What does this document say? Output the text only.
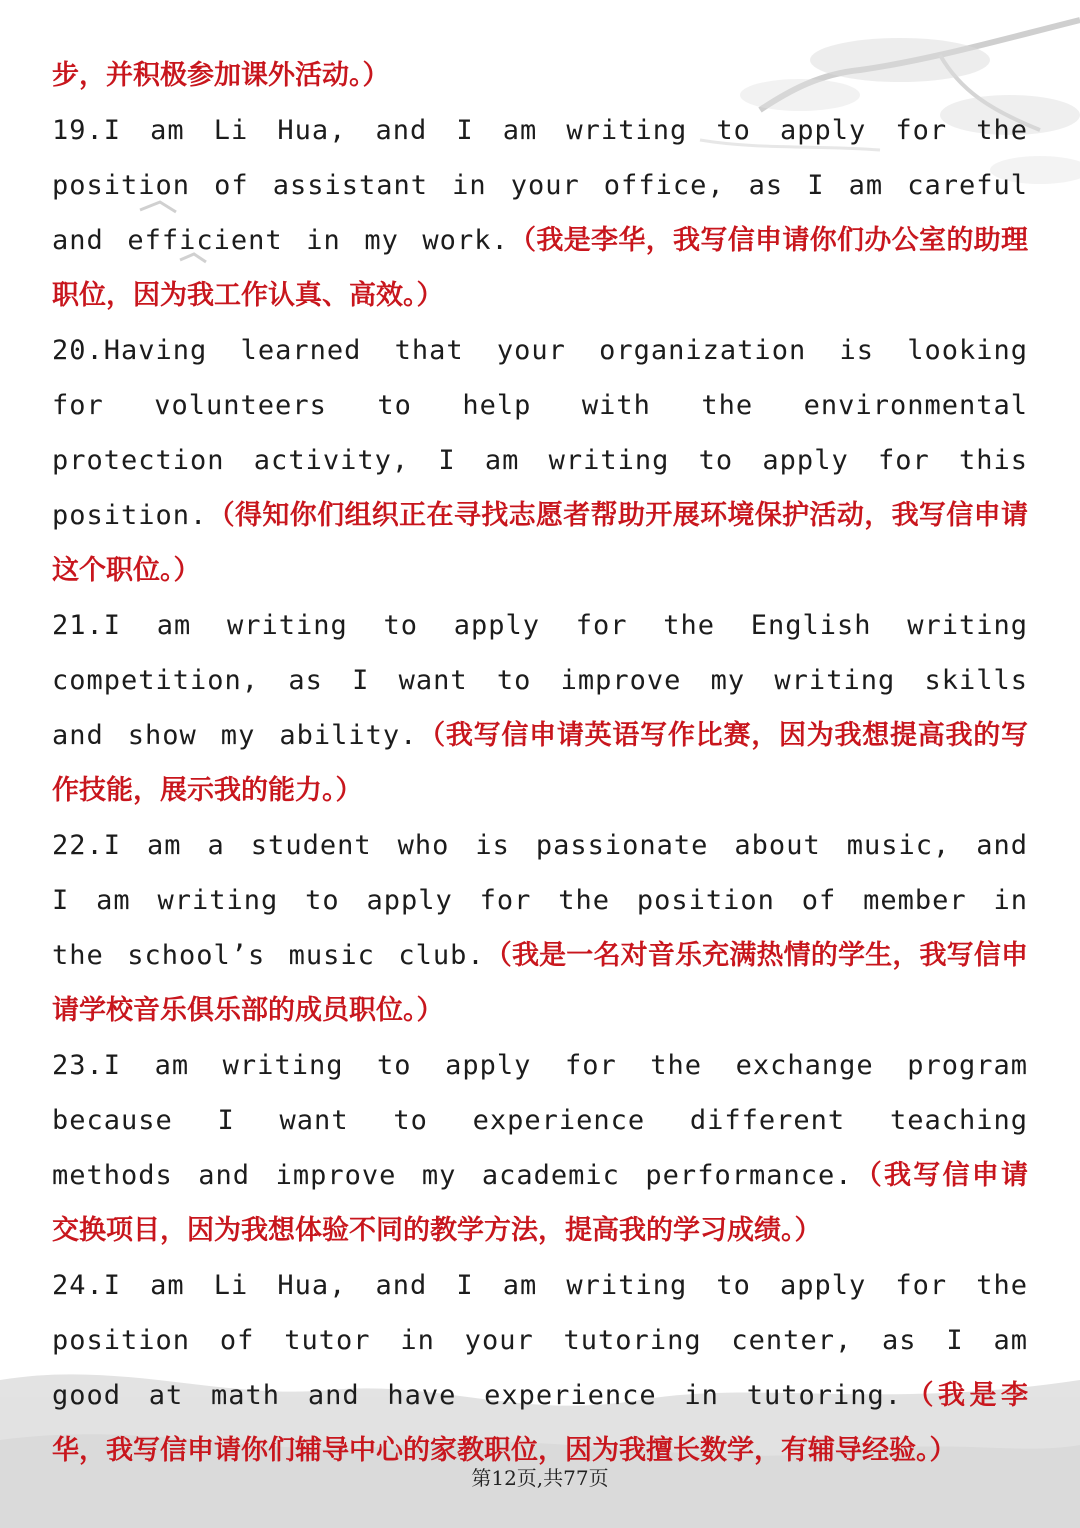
步，并积极参加课外活动。）

19.I am Li Hua, and I am writing to apply for the position of assistant in your office, as I am careful and efficient in my work.（我是李华，我写信申请你们办公室的助理职位，因为我工作认真、高效。）

20.Having learned that your organization is looking for volunteers to help with the environmental protection activity, I am writing to apply for this position.（得知你们组织正在寻找志愿者帮助开展环境保护活动，我写信申请这个职位。）

21.I am writing to apply for the English writing competition, as I want to improve my writing skills and show my ability.（我写信申请英语写作比赛，因为我想提高我的写作技能，展示我的能力。）

22.I am a student who is passionate about music, and I am writing to apply for the position of member in the school’s music club.（我是一名对音乐充满热情的学生，我写信申请学校音乐俱乐部的成员职位。）

23.I am writing to apply for the exchange program because I want to experience different teaching methods and improve my academic performance.（我写信申请交换项目，因为我想体验不同的教学方法，提高我的学习成绩。）

24.I am Li Hua, and I am writing to apply for the position of tutor in your tutoring center, as I am good at math and have experience in tutoring.（我是李华，我写信申请你们辅导中心的家教职位，因为我擅长数学，有辅导经验。）

第12页,共77页
